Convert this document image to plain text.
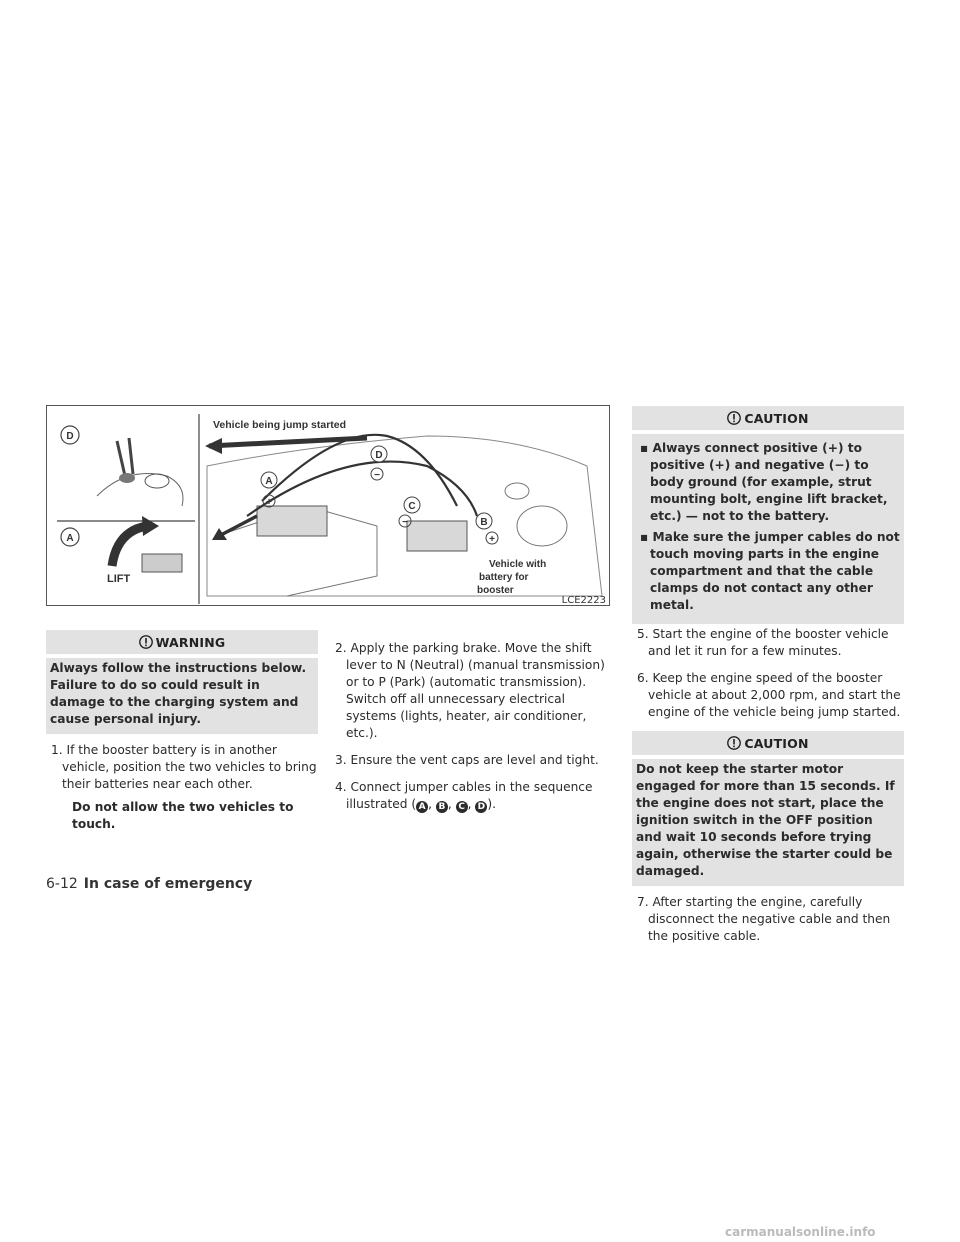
D
A
LIFT
Vehicle being jump started
A
+
D
−
C
−	B
+
Vehicle with
battery for
booster
LCE2223
WARNING

Always follow the instructions below. Failure to do so could result in damage to the charging system and cause personal injury.

1. If the booster battery is in another vehicle, position the two vehicles to bring their batteries near each other.

Do not allow the two vehicles to touch.

2. Apply the parking brake. Move the shift lever to N (Neutral) (manual transmission) or to P (Park) (automatic transmission). Switch off all unnecessary electrical systems (lights, heater, air conditioner, etc.).

3. Ensure the vent caps are level and tight.

4. Connect jumper cables in the sequence illustrated ( A , B , C , D ).

CAUTION

▪ Always connect positive (+) to positive (+) and negative (−) to body ground (for example, strut mounting bolt, engine lift bracket, etc.) — not to the battery.

▪ Make sure the jumper cables do not touch moving parts in the engine compartment and that the cable clamps do not contact any other metal.

5. Start the engine of the booster vehicle and let it run for a few minutes.

6. Keep the engine speed of the booster vehicle at about 2,000 rpm, and start the engine of the vehicle being jump started.

CAUTION

Do not keep the starter motor engaged for more than 15 seconds. If the engine does not start, place the ignition switch in the OFF position and wait 10 seconds before trying again, otherwise the starter could be damaged.

7. After starting the engine, carefully disconnect the negative cable and then the positive cable.

6-12 In case of emergency
carmanualsonline.info
